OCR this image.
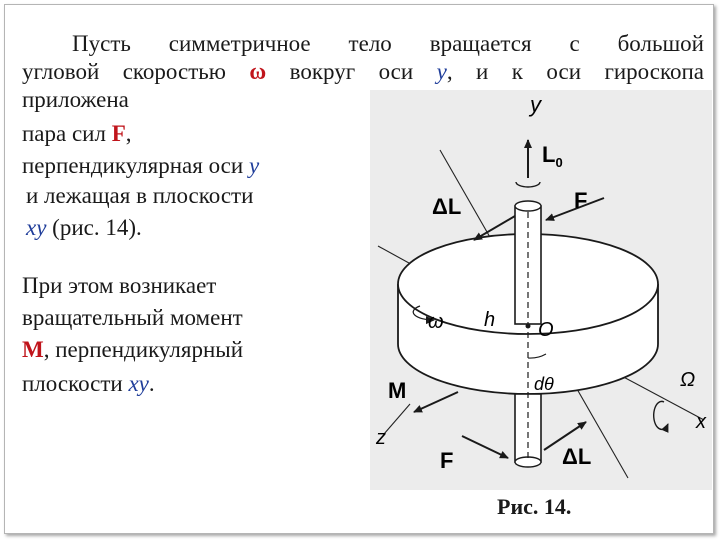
Пусть симметричное тело вращается с большой
угловой скоростью ω вокруг оси y, и к оси гироскопа
приложена
пара сил F,
перпендикулярная оси y
и лежащая в плоскости
xy (рис. 14).
При этом возникает
вращательный момент
М, перпендикулярный
плоскости xy.
y
$L_0$
ΔL	F
ω h O
dθ
M	Ω
z
x
F	ΔL
Рис. 14.
